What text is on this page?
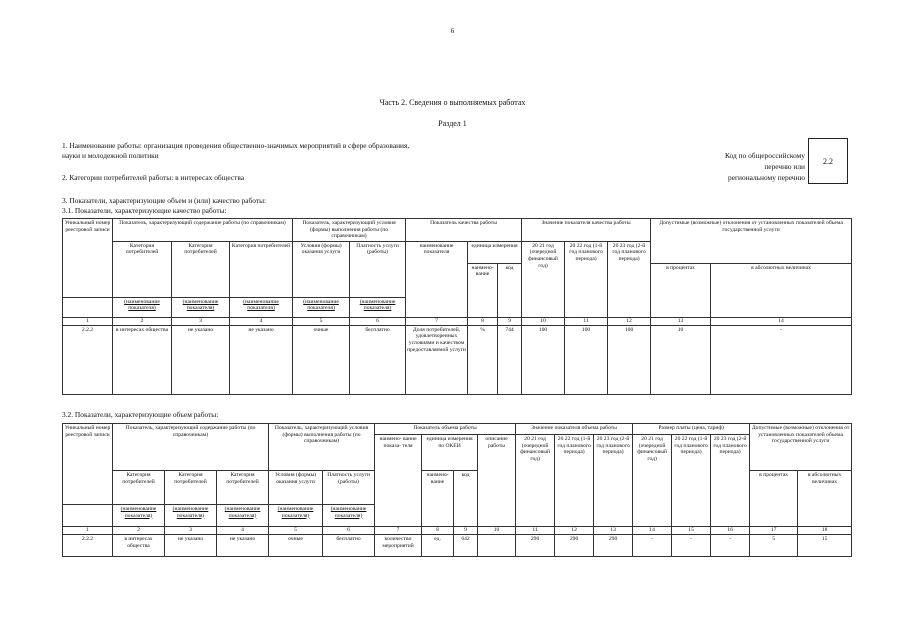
6
Часть 2. Сведения о выполняемых работах
Раздел 1
1. Наименование работы: организация проведения общественно-значимых мероприятий в сфере образования,
науки и молодежной политики
2. Категории потребителей работы: в интересах общества
Код по общероссийскому
перечню или
региональному перечню
2.2
3. Показатели, характеризующие объем и (или) качество работы:
3.1. Показатели, характеризующие качество работы:
Уникальный номер реестровой записи	Показатель, характеризующий содержание работы (по справочникам)			Показатель, характеризующий условия (формы) выполнения работы (по справочникам)		Показатель качества работы			Значение показателя качества работы			Допустимые (возможные) отклонения от установленных показателей объема государственной услуги	
	Категория потребителей	Категория потребителей	Категория потребителей	Условия (формы) оказания услуги	Платность услуги (работы)	наименование показателя	единица измерения		20 21 год (очередной финансовый год)	20 22 год (1-й год планового периода)	20 23 год (2-й год планового периода)		
							наимено- вание	код				в процентах	в абсолютных величинах
	(наименование показателя)	(наименование показателя)	(наименование показателя)	(наименование показателя)	(наименование показателя)								
1	2	3	4	5	6	7	8	9	10	11	12	13	14
2.2.2	в интересах общества	не указано	не указано	очные	бесплатно	Доля потребителей, удовлетворенных условиями и качеством предоставляемой услуги	%	744	100	100	100	10	-
3.2. Показатели, характеризующие объем работы:
Уникальный номер реестровой записи	Показатель, характеризующий содержание работы (по справочникам)			Показатель, характеризующий условия (формы) выполнения работы (по справочникам)		Показатель объема работы				Значение показателя объема работы			Размер платы (цена, тариф)			Допустимые (возможные) отклонения от установленных показателей объема государственной услуги	
						наимено- вание показа- теля	единица измерения по ОКЕИ		описание работы	20 21 год (очередной финансовый год)	20 22 год (1-й год планового периода)	20 23 год (2-й год планового периода)	20 21 год (очередной финансовый год)	20 22 год (1-й год планового периода)	20 23 год (2-й год планового периода)		
	Категория потребителей	Категория потребителей	Категория потребителей	Условия (формы) оказания услуги	Платность услуги (работы)		наимено- вание	код								в процентах	в абсолютных величинах

	(наименование показателя)	(наименование показателя)	(наименование показателя)	(наименование показателя)	(наименование показателя)												
1	2	3	4	5	6	7	8	9	10	11	12	13	14	15	16	17	18
2.2.2	в интересах общества	не указано	не указано	очные	бесплатно	количество мероприятий	ед.	642		290	290	290	-	-	-	5	15
